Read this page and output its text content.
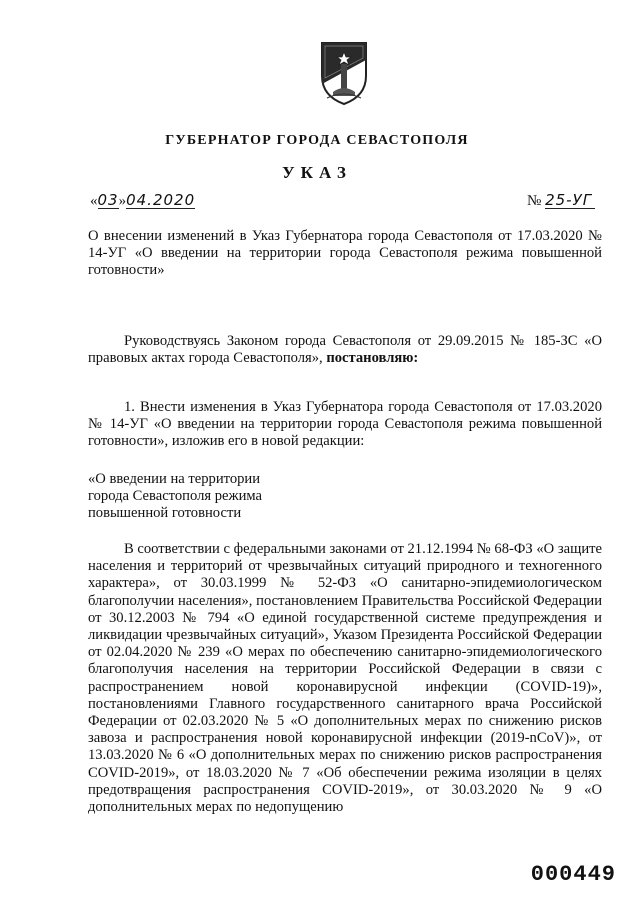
ГУБЕРНАТОР ГОРОДА СЕВАСТОПОЛЯ
УКАЗ
«03»04.2020	№ 25-УГ

О внесении изменений в Указ Губернатора города Севастополя от 17.03.2020 № 14-УГ «О введении на территории города Севастополя режима повышенной готовности»

Руководствуясь Законом города Севастополя от 29.09.2015 № 185-ЗС «О правовых актах города Севастополя», постановляю:

1. Внести изменения в Указ Губернатора города Севастополя от 17.03.2020 № 14-УГ «О введении на территории города Севастополя режима повышенной готовности», изложив его в новой редакции:

«О введении на территории
города Севастополя режима
повышенной готовности

В соответствии с федеральными законами от 21.12.1994 № 68-ФЗ «О защите населения и территорий от чрезвычайных ситуаций природного и техногенного характера», от 30.03.1999 № 52-ФЗ «О санитарно-эпидемиологическом благополучии населения», постановлением Правительства Российской Федерации от 30.12.2003 № 794 «О единой государственной системе предупреждения и ликвидации чрезвычайных ситуаций», Указом Президента Российской Федерации от 02.04.2020 № 239 «О мерах по обеспечению санитарно-эпидемиологического благополучия населения на территории Российской Федерации в связи с распространением новой коронавирусной инфекции (COVID-19)», постановлениями Главного государственного санитарного врача Российской Федерации от 02.03.2020 № 5 «О дополнительных мерах по снижению рисков завоза и распространения новой коронавирусной инфекции (2019-nCoV)», от 13.03.2020 № 6 «О дополнительных мерах по снижению рисков распространения COVID-2019», от 18.03.2020 № 7 «Об обеспечении режима изоляции в целях предотвращения распространения COVID-2019», от 30.03.2020 № 9 «О дополнительных мерах по недопущению

000449
